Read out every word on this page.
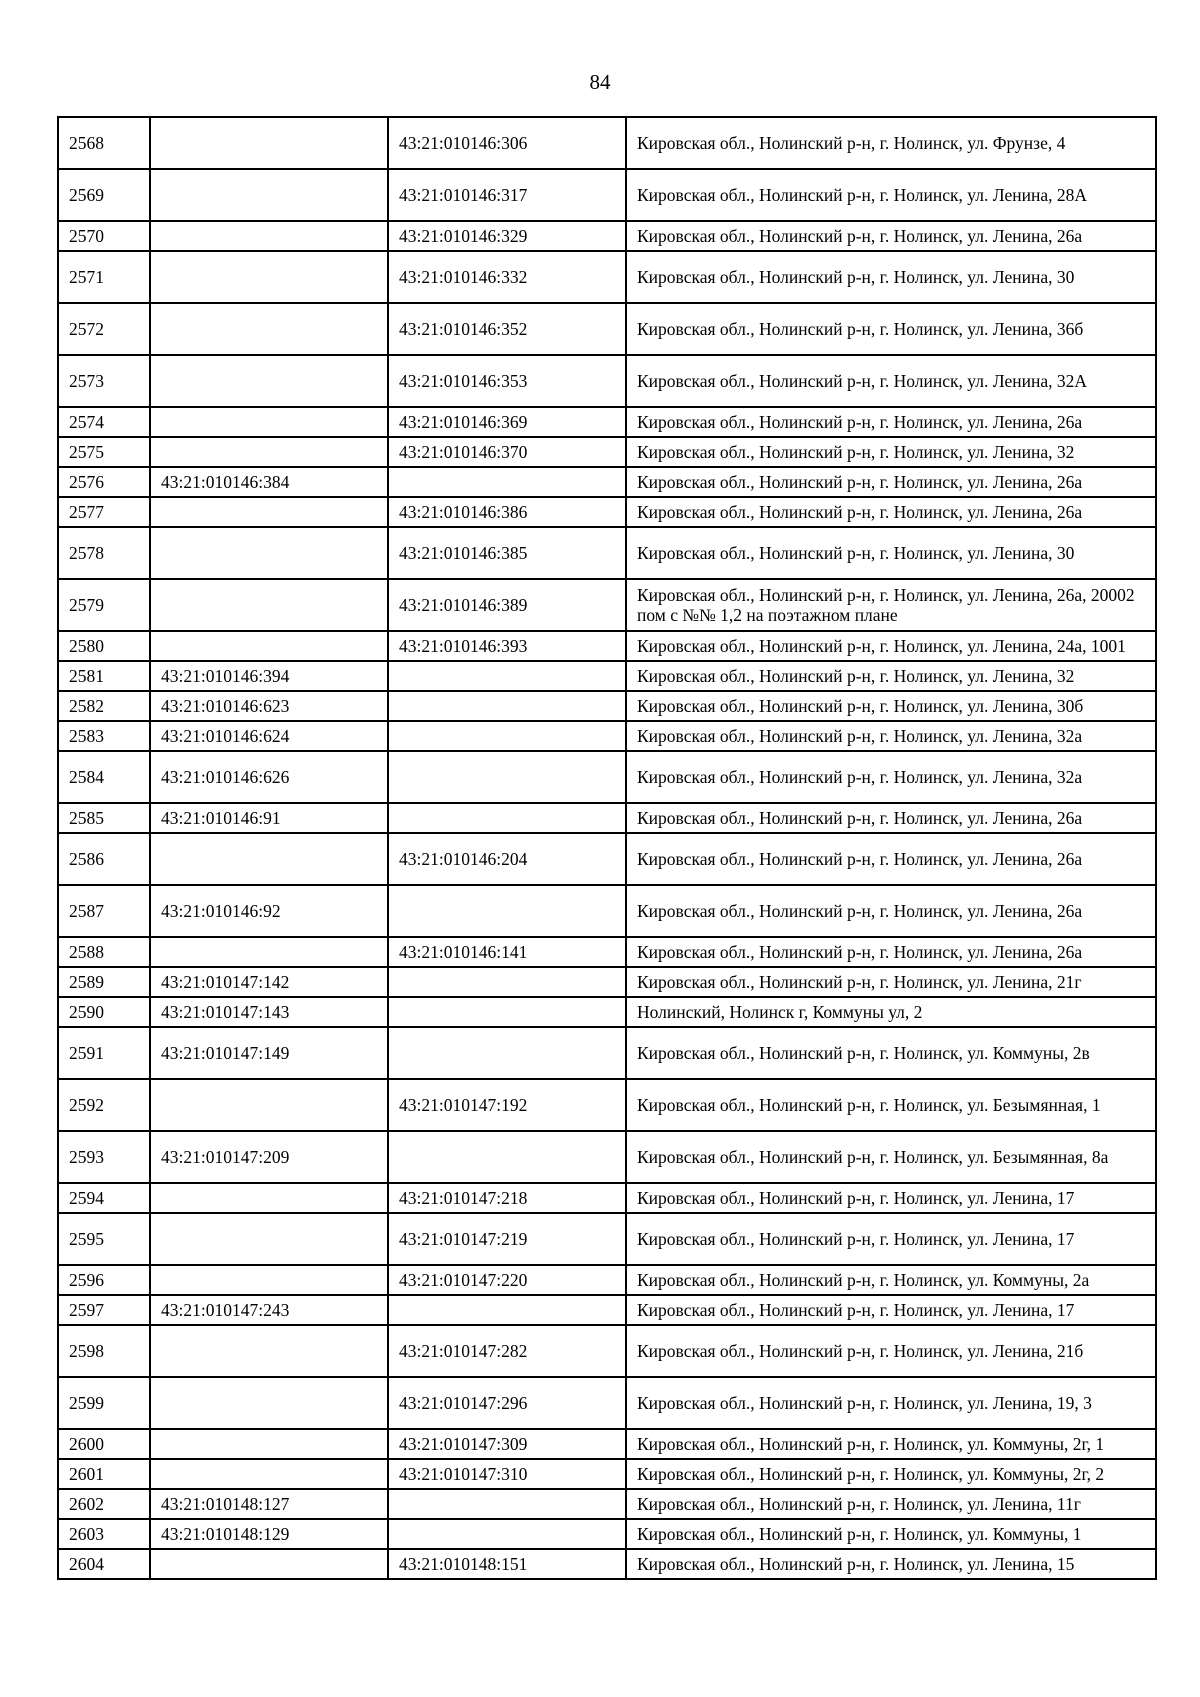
84
2568		43:21:010146:306	Кировская обл., Нолинский р-н, г. Нолинск, ул. Фрунзе, 4
2569		43:21:010146:317	Кировская обл., Нолинский р-н, г. Нолинск, ул. Ленина, 28А
2570		43:21:010146:329	Кировская обл., Нолинский р-н, г. Нолинск, ул. Ленина, 26а
2571		43:21:010146:332	Кировская обл., Нолинский р-н, г. Нолинск, ул. Ленина, 30
2572		43:21:010146:352	Кировская обл., Нолинский р-н, г. Нолинск, ул. Ленина, 36б
2573		43:21:010146:353	Кировская обл., Нолинский р-н, г. Нолинск, ул. Ленина, 32А
2574		43:21:010146:369	Кировская обл., Нолинский р-н, г. Нолинск, ул. Ленина, 26а
2575		43:21:010146:370	Кировская обл., Нолинский р-н, г. Нолинск, ул. Ленина, 32
2576	43:21:010146:384		Кировская обл., Нолинский р-н, г. Нолинск, ул. Ленина, 26а
2577		43:21:010146:386	Кировская обл., Нолинский р-н, г. Нолинск, ул. Ленина, 26а
2578		43:21:010146:385	Кировская обл., Нолинский р-н, г. Нолинск, ул. Ленина, 30
2579		43:21:010146:389	Кировская обл., Нолинский р-н, г. Нолинск, ул. Ленина, 26а, 20002 пом с №№ 1,2 на поэтажном плане
2580		43:21:010146:393	Кировская обл., Нолинский р-н, г. Нолинск, ул. Ленина, 24а, 1001
2581	43:21:010146:394		Кировская обл., Нолинский р-н, г. Нолинск, ул. Ленина, 32
2582	43:21:010146:623		Кировская обл., Нолинский р-н, г. Нолинск, ул. Ленина, 30б
2583	43:21:010146:624		Кировская обл., Нолинский р-н, г. Нолинск, ул. Ленина, 32а
2584	43:21:010146:626		Кировская обл., Нолинский р-н, г. Нолинск, ул. Ленина, 32а
2585	43:21:010146:91		Кировская обл., Нолинский р-н, г. Нолинск, ул. Ленина, 26а
2586		43:21:010146:204	Кировская обл., Нолинский р-н, г. Нолинск, ул. Ленина, 26а
2587	43:21:010146:92		Кировская обл., Нолинский р-н, г. Нолинск, ул. Ленина, 26а
2588		43:21:010146:141	Кировская обл., Нолинский р-н, г. Нолинск, ул. Ленина, 26а
2589	43:21:010147:142		Кировская обл., Нолинский р-н, г. Нолинск, ул. Ленина, 21г
2590	43:21:010147:143		Нолинский, Нолинск г, Коммуны ул, 2
2591	43:21:010147:149		Кировская обл., Нолинский р-н, г. Нолинск, ул. Коммуны, 2в
2592		43:21:010147:192	Кировская обл., Нолинский р-н, г. Нолинск, ул. Безымянная, 1
2593	43:21:010147:209		Кировская обл., Нолинский р-н, г. Нолинск, ул. Безымянная, 8а
2594		43:21:010147:218	Кировская обл., Нолинский р-н, г. Нолинск, ул. Ленина, 17
2595		43:21:010147:219	Кировская обл., Нолинский р-н, г. Нолинск, ул. Ленина, 17
2596		43:21:010147:220	Кировская обл., Нолинский р-н, г. Нолинск, ул. Коммуны, 2а
2597	43:21:010147:243		Кировская обл., Нолинский р-н, г. Нолинск, ул. Ленина, 17
2598		43:21:010147:282	Кировская обл., Нолинский р-н, г. Нолинск, ул. Ленина, 21б
2599		43:21:010147:296	Кировская обл., Нолинский р-н, г. Нолинск, ул. Ленина, 19, 3
2600		43:21:010147:309	Кировская обл., Нолинский р-н, г. Нолинск, ул. Коммуны, 2г, 1
2601		43:21:010147:310	Кировская обл., Нолинский р-н, г. Нолинск, ул. Коммуны, 2г, 2
2602	43:21:010148:127		Кировская обл., Нолинский р-н, г. Нолинск, ул. Ленина, 11г
2603	43:21:010148:129		Кировская обл., Нолинский р-н, г. Нолинск, ул. Коммуны, 1
2604		43:21:010148:151	Кировская обл., Нолинский р-н, г. Нолинск, ул. Ленина, 15
